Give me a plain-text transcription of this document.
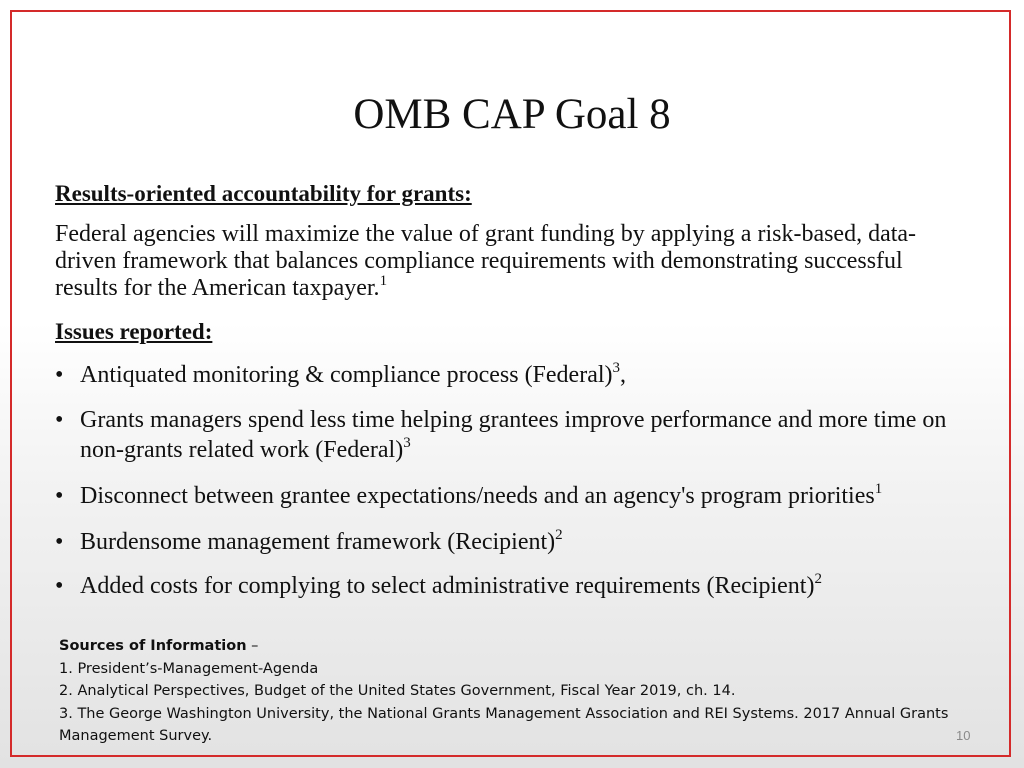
OMB CAP Goal 8
Results-oriented accountability for grants:
Federal agencies will maximize the value of grant funding by applying a risk-based, data-driven framework that balances compliance requirements with demonstrating successful results for the American taxpayer.$^1$
Issues reported:
• Antiquated monitoring & compliance process (Federal)$^3$,
• Grants managers spend less time helping grantees improve performance and more time on non-grants related work (Federal)$^3$
• Disconnect between grantee expectations/needs and an agency's program priorities$^1$
• Burdensome management framework (Recipient)$^2$
• Added costs for complying to select administrative requirements (Recipient)$^2$
Sources of Information –
1. President’s-Management-Agenda
2. Analytical Perspectives, Budget of the United States Government, Fiscal Year 2019, ch. 14.
3. The George Washington University, the National Grants Management Association and REI Systems. 2017 Annual Grants Management Survey.	10
